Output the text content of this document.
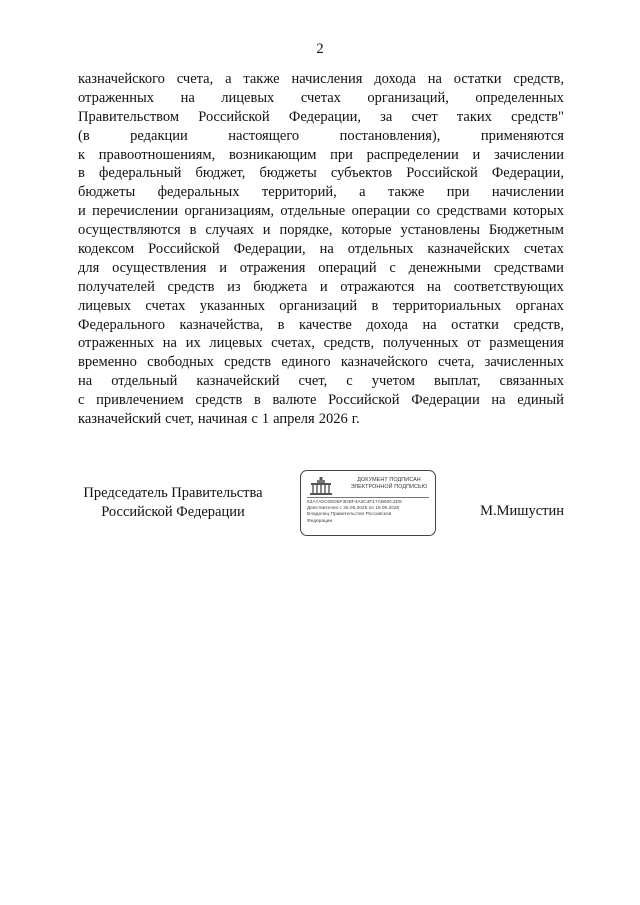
2
казначейского счета, а также начисления дохода на остатки средств,
отраженных на лицевых счетах организаций, определенных
Правительством Российской Федерации, за счет таких средств"
(в	редакции	настоящего	постановления),	применяются
к правоотношениям, возникающим при распределении и зачислении
в федеральный бюджет, бюджеты субъектов Российской Федерации,
бюджеты федеральных территорий, а также при начислении
и перечислении организациям, отдельные операции со средствами которых
осуществляются в случаях и порядке, которые установлены Бюджетным
кодексом Российской Федерации, на отдельных казначейских счетах
для осуществления и отражения операций с денежными средствами
получателей средств из бюджета и отражаются на соответствующих
лицевых счетах указанных организаций в территориальных органах
Федерального казначейства, в качестве дохода на остатки средств,
отраженных на их лицевых счетах, средств, полученных от размещения
временно свободных средств единого казначейского счета, зачисленных
на отдельный казначейский счет, с учетом выплат, связанных
с привлечением средств в валюте Российской Федерации на единый
казначейский счет, начиная с 1 апреля 2026 г.
Председатель Правительства
Российской Федерации
ДОКУМЕНТ ПОДПИСАН
ЭЛЕКТРОННОЙ ПОДПИСЬЮ
53A7A0C0ED6F3DBF4A3C4F17AB50C2D9
Действителен с 26.06.2025 по 19.09.2026
Владелец Правительство Российской
Федерации
М.Мишустин
